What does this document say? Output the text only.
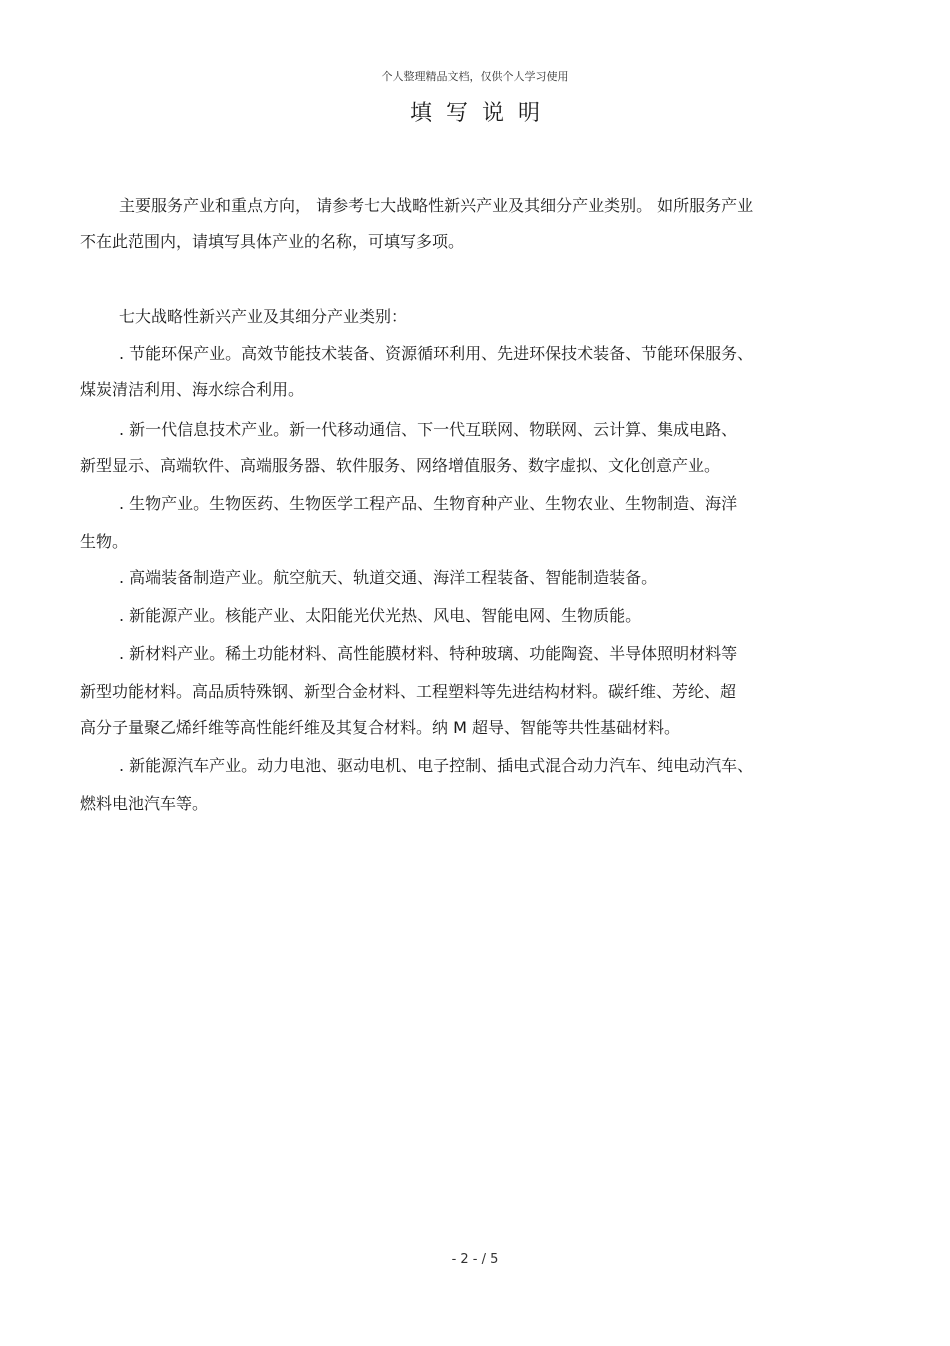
个人整理精品文档，仅供个人学习使用
填写说明
主要服务产业和重点方向， 请参考七大战略性新兴产业及其细分产业类别。 如所服务产业
不在此范围内，请填写具体产业的名称，可填写多项。
七大战略性新兴产业及其细分产业类别：
. 节能环保产业。高效节能技术装备、资源循环利用、先进环保技术装备、节能环保服务、
煤炭清洁利用、海水综合利用。
. 新一代信息技术产业。新一代移动通信、下一代互联网、物联网、云计算、集成电路、
新型显示、高端软件、高端服务器、软件服务、网络增值服务、数字虚拟、文化创意产业。
. 生物产业。生物医药、生物医学工程产品、生物育种产业、生物农业、生物制造、海洋
生物。
. 高端装备制造产业。航空航天、轨道交通、海洋工程装备、智能制造装备。
. 新能源产业。核能产业、太阳能光伏光热、风电、智能电网、生物质能。
. 新材料产业。稀土功能材料、高性能膜材料、特种玻璃、功能陶瓷、半导体照明材料等
新型功能材料。高品质特殊钢、新型合金材料、工程塑料等先进结构材料。碳纤维、芳纶、超
高分子量聚乙烯纤维等高性能纤维及其复合材料。纳 M 超导、智能等共性基础材料。
. 新能源汽车产业。动力电池、驱动电机、电子控制、插电式混合动力汽车、纯电动汽车、
燃料电池汽车等。
- 2 - / 5
